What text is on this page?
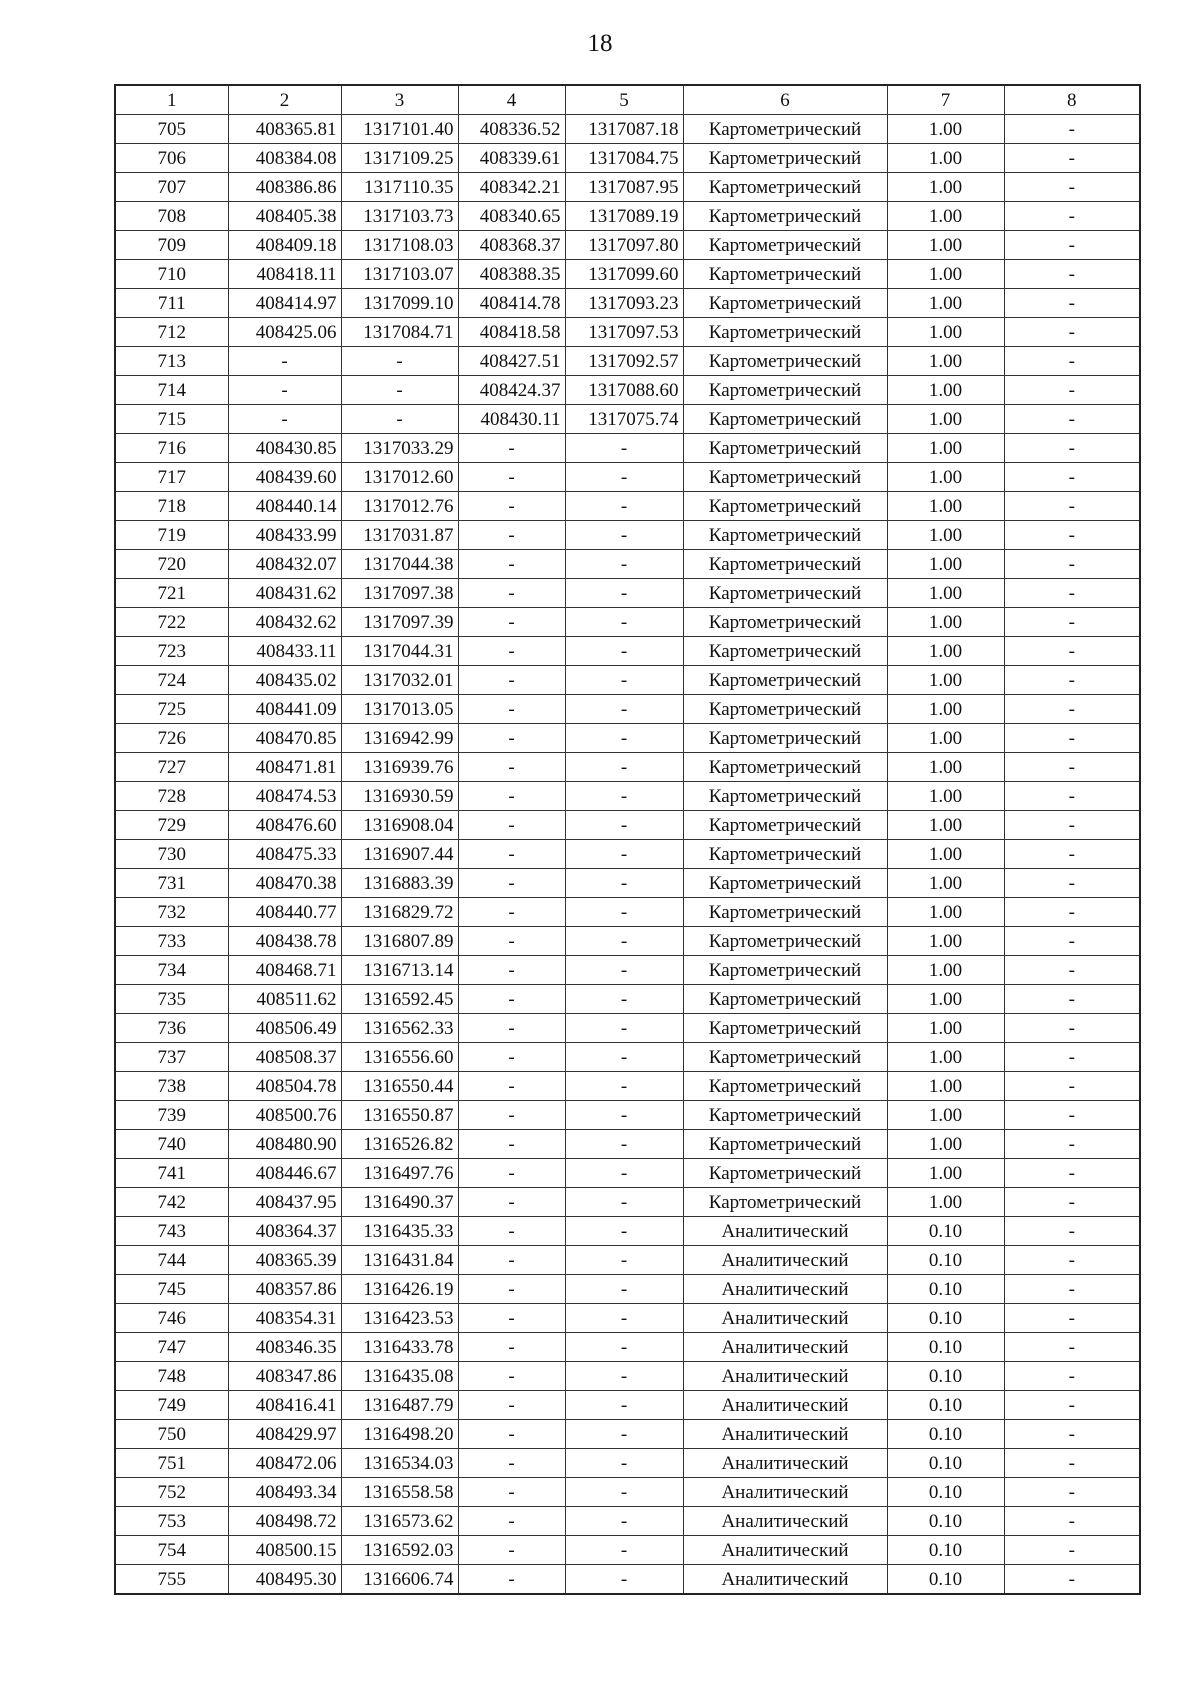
18
1	2	3	4	5	6	7	8
705	408365.81	1317101.40	408336.52	1317087.18	Картометрический	1.00	-
706	408384.08	1317109.25	408339.61	1317084.75	Картометрический	1.00	-
707	408386.86	1317110.35	408342.21	1317087.95	Картометрический	1.00	-
708	408405.38	1317103.73	408340.65	1317089.19	Картометрический	1.00	-
709	408409.18	1317108.03	408368.37	1317097.80	Картометрический	1.00	-
710	408418.11	1317103.07	408388.35	1317099.60	Картометрический	1.00	-
711	408414.97	1317099.10	408414.78	1317093.23	Картометрический	1.00	-
712	408425.06	1317084.71	408418.58	1317097.53	Картометрический	1.00	-
713	-	-	408427.51	1317092.57	Картометрический	1.00	-
714	-	-	408424.37	1317088.60	Картометрический	1.00	-
715	-	-	408430.11	1317075.74	Картометрический	1.00	-
716	408430.85	1317033.29	-	-	Картометрический	1.00	-
717	408439.60	1317012.60	-	-	Картометрический	1.00	-
718	408440.14	1317012.76	-	-	Картометрический	1.00	-
719	408433.99	1317031.87	-	-	Картометрический	1.00	-
720	408432.07	1317044.38	-	-	Картометрический	1.00	-
721	408431.62	1317097.38	-	-	Картометрический	1.00	-
722	408432.62	1317097.39	-	-	Картометрический	1.00	-
723	408433.11	1317044.31	-	-	Картометрический	1.00	-
724	408435.02	1317032.01	-	-	Картометрический	1.00	-
725	408441.09	1317013.05	-	-	Картометрический	1.00	-
726	408470.85	1316942.99	-	-	Картометрический	1.00	-
727	408471.81	1316939.76	-	-	Картометрический	1.00	-
728	408474.53	1316930.59	-	-	Картометрический	1.00	-
729	408476.60	1316908.04	-	-	Картометрический	1.00	-
730	408475.33	1316907.44	-	-	Картометрический	1.00	-
731	408470.38	1316883.39	-	-	Картометрический	1.00	-
732	408440.77	1316829.72	-	-	Картометрический	1.00	-
733	408438.78	1316807.89	-	-	Картометрический	1.00	-
734	408468.71	1316713.14	-	-	Картометрический	1.00	-
735	408511.62	1316592.45	-	-	Картометрический	1.00	-
736	408506.49	1316562.33	-	-	Картометрический	1.00	-
737	408508.37	1316556.60	-	-	Картометрический	1.00	-
738	408504.78	1316550.44	-	-	Картометрический	1.00	-
739	408500.76	1316550.87	-	-	Картометрический	1.00	-
740	408480.90	1316526.82	-	-	Картометрический	1.00	-
741	408446.67	1316497.76	-	-	Картометрический	1.00	-
742	408437.95	1316490.37	-	-	Картометрический	1.00	-
743	408364.37	1316435.33	-	-	Аналитический	0.10	-
744	408365.39	1316431.84	-	-	Аналитический	0.10	-
745	408357.86	1316426.19	-	-	Аналитический	0.10	-
746	408354.31	1316423.53	-	-	Аналитический	0.10	-
747	408346.35	1316433.78	-	-	Аналитический	0.10	-
748	408347.86	1316435.08	-	-	Аналитический	0.10	-
749	408416.41	1316487.79	-	-	Аналитический	0.10	-
750	408429.97	1316498.20	-	-	Аналитический	0.10	-
751	408472.06	1316534.03	-	-	Аналитический	0.10	-
752	408493.34	1316558.58	-	-	Аналитический	0.10	-
753	408498.72	1316573.62	-	-	Аналитический	0.10	-
754	408500.15	1316592.03	-	-	Аналитический	0.10	-
755	408495.30	1316606.74	-	-	Аналитический	0.10	-
